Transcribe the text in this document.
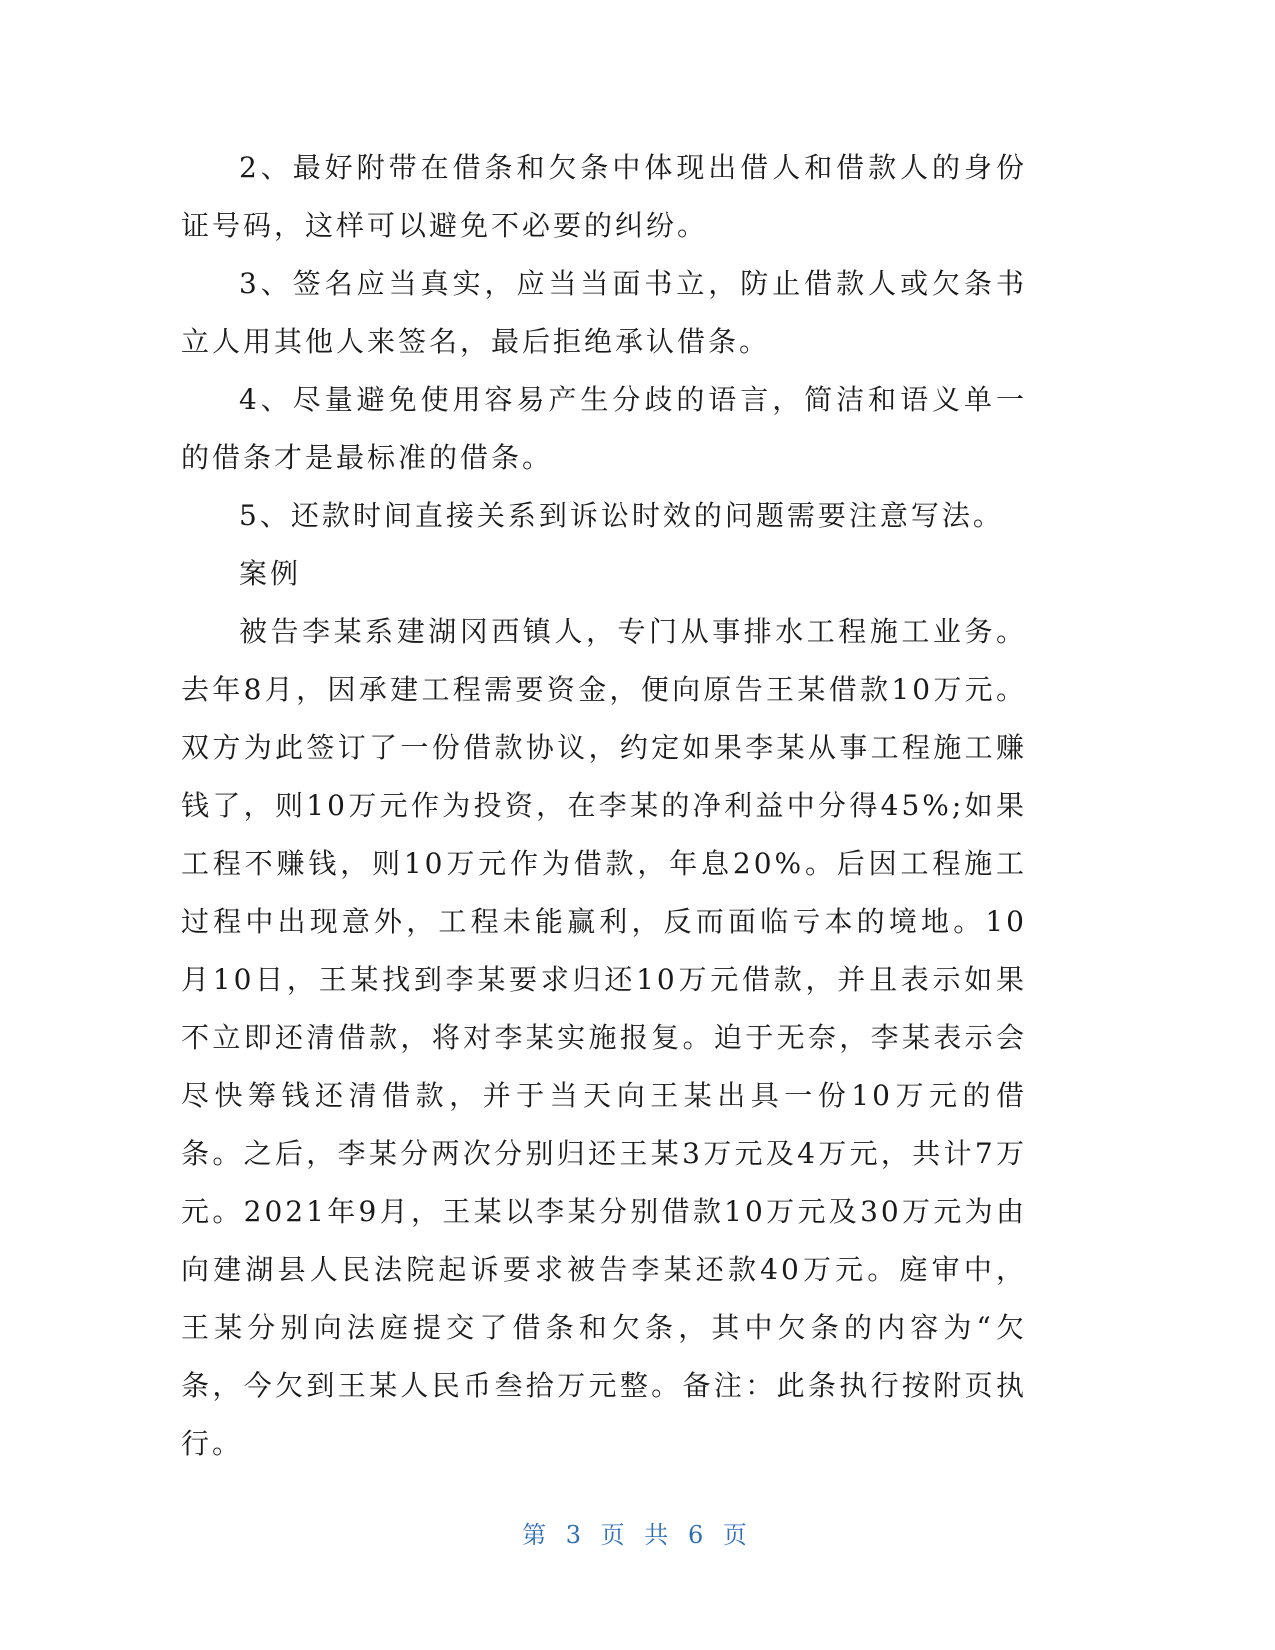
2、最好附带在借条和欠条中体现出借人和借款人的身份证号码，这样可以避免不必要的纠纷。

3、签名应当真实，应当当面书立，防止借款人或欠条书立人用其他人来签名，最后拒绝承认借条。

4、尽量避免使用容易产生分歧的语言，简洁和语义单一的借条才是最标准的借条。

5、还款时间直接关系到诉讼时效的问题需要注意写法。

案例

被告李某系建湖冈西镇人，专门从事排水工程施工业务。去年8月，因承建工程需要资金，便向原告王某借款10万元。双方为此签订了一份借款协议，约定如果李某从事工程施工赚钱了，则10万元作为投资，在李某的净利益中分得45%;如果工程不赚钱，则10万元作为借款，年息20%。后因工程施工过程中出现意外，工程未能赢利，反而面临亏本的境地。10月10日，王某找到李某要求归还10万元借款，并且表示如果不立即还清借款，将对李某实施报复。迫于无奈，李某表示会尽快筹钱还清借款，并于当天向王某出具一份10万元的借条。之后，李某分两次分别归还王某3万元及4万元，共计7万元。2021年9月，王某以李某分别借款10万元及30万元为由向建湖县人民法院起诉要求被告李某还款40万元。庭审中，王某分别向法庭提交了借条和欠条，其中欠条的内容为“欠条，今欠到王某人民币叁拾万元整。备注：此条执行按附页执行。

第 3 页 共 6 页
